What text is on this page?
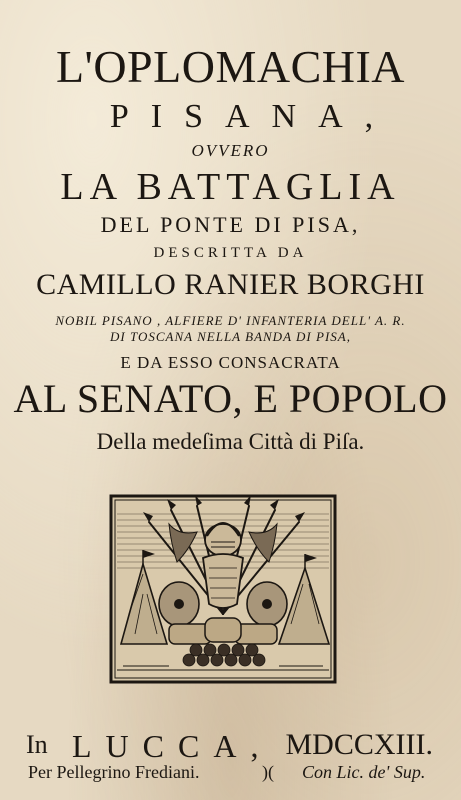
L'OPLOMACHIA
PISANA,
OVVERO
LA BATTAGLIA
DEL PONTE DI PISA,
DESCRITTA DA
CAMILLO RANIER BORGHI
NOBIL PISANO , ALFIERE D' INFANTERIA DELL' A. R.
DI TOSCANA NELLA BANDA DI PISA,
E DA ESSO CONSACRATA
AL SENATO, E POPOLO
Della medeſima Città di Piſa.
In LUCCA, MDCCXIII.
Per Pellegrino Frediani.	)( Con Lic. de' Sup.
